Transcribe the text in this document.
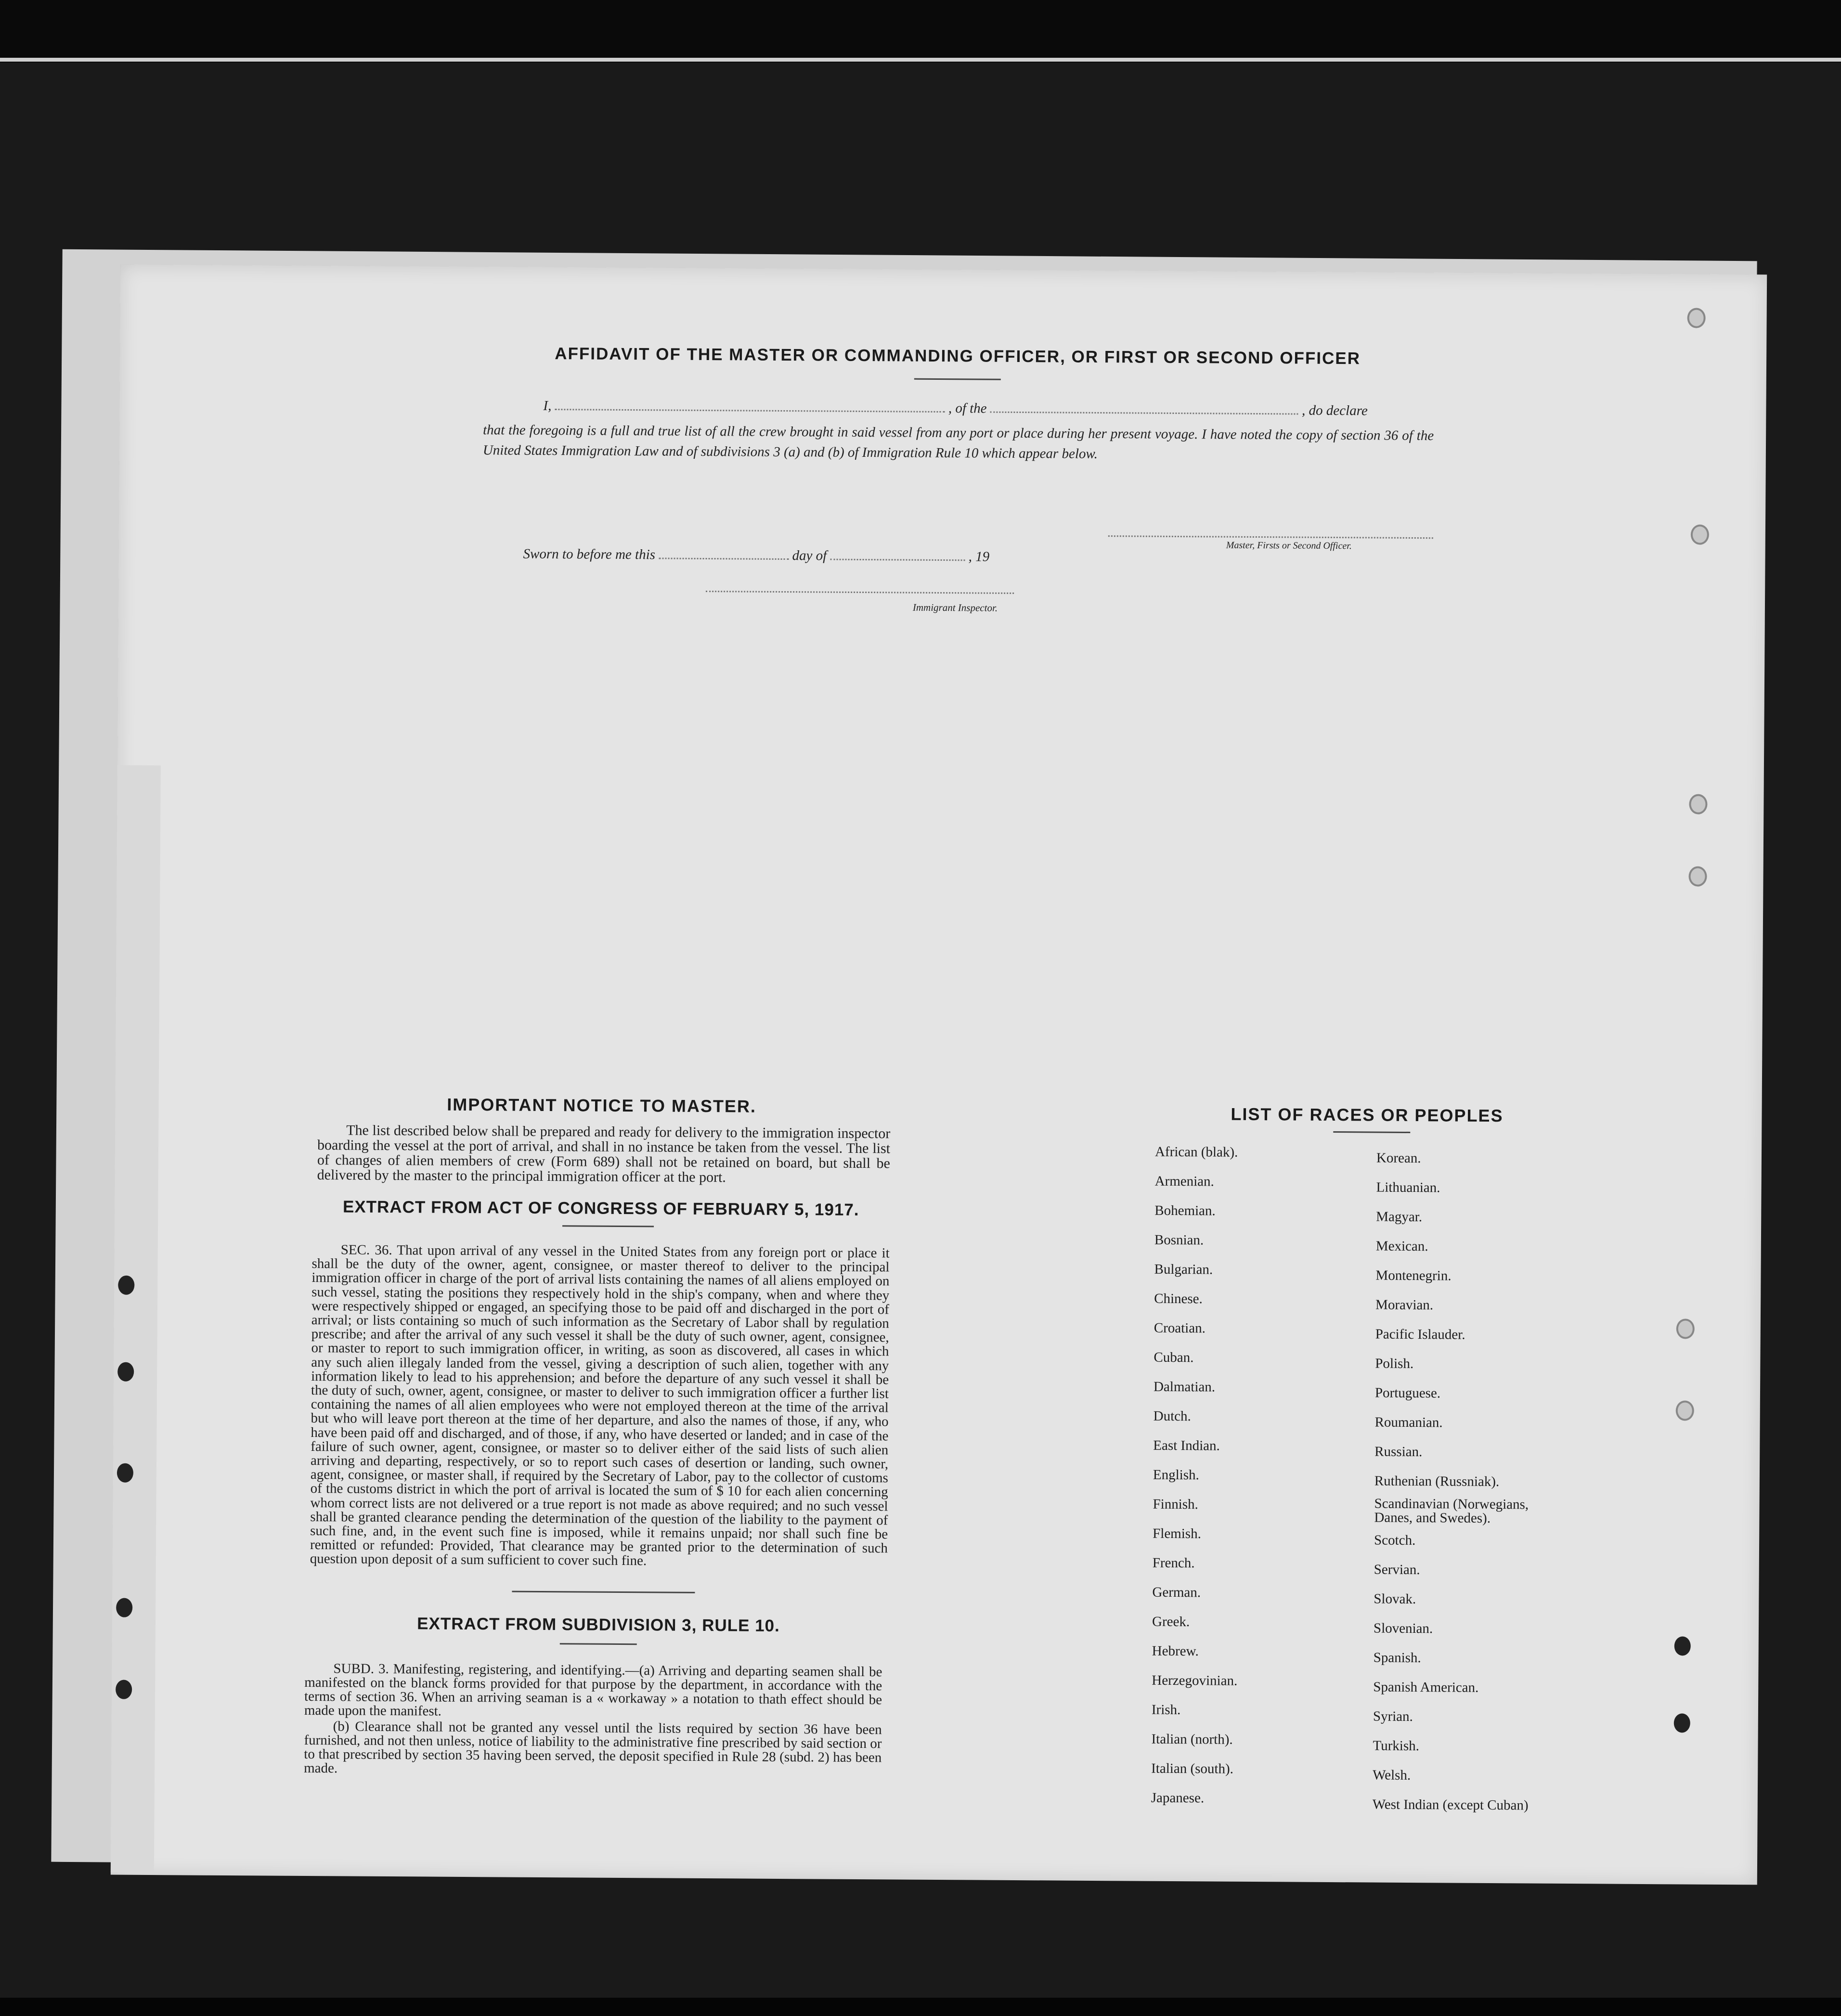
AFFIDAVIT OF THE MASTER OR COMMANDING OFFICER, OR FIRST OR SECOND OFFICER
I,	, of the	, do declare
that the foregoing is a full and true list of all the crew brought in said vessel from any port or place during her present voyage. I have noted the copy of section 36 of the United States Immigration Law and of subdivisions 3 (a) and (b) of Immigration Rule 10 which appear below.
Master, Firsts or Second Officer.
Sworn to before me this	day of	, 19
Immigrant Inspector.
IMPORTANT NOTICE TO MASTER.
The list described below shall be prepared and ready for delivery to the immigration inspector boarding the vessel at the port of arrival, and shall in no instance be taken from the vessel. The list of changes of alien members of crew (Form 689) shall not be retained on board, but shall be delivered by the master to the principal immigration officer at the port.
EXTRACT FROM ACT OF CONGRESS OF FEBRUARY 5, 1917.
SEC. 36. That upon arrival of any vessel in the United States from any foreign port or place it shall be the duty of the owner, agent, consignee, or master thereof to deliver to the principal immigration officer in charge of the port of arrival lists containing the names of all aliens employed on such vessel, stating the positions they respectively hold in the ship's company, when and where they were respectively shipped or engaged, an specifying those to be paid off and discharged in the port of arrival; or lists containing so much of such information as the Secretary of Labor shall by regulation prescribe; and after the arrival of any such vessel it shall be the duty of such owner, agent, consignee, or master to report to such immigration officer, in writing, as soon as discovered, all cases in which any such alien illegaly landed from the vessel, giving a description of such alien, together with any information likely to lead to his apprehension; and before the departure of any such vessel it shall be the duty of such, owner, agent, consignee, or master to deliver to such immigration officer a further list containing the names of all alien employees who were not employed thereon at the time of the arrival but who will leave port thereon at the time of her departure, and also the names of those, if any, who have been paid off and discharged, and of those, if any, who have deserted or landed; and in case of the failure of such owner, agent, consignee, or master so to deliver either of the said lists of such alien arriving and departing, respectively, or so to report such cases of desertion or landing, such owner, agent, consignee, or master shall, if required by the Secretary of Labor, pay to the collector of customs of the customs district in which the port of arrival is located the sum of $ 10 for each alien concerning whom correct lists are not delivered or a true report is not made as above required; and no such vessel shall be granted clearance pending the determination of the question of the liability to the payment of such fine, and, in the event such fine is imposed, while it remains unpaid; nor shall such fine be remitted or refunded: Provided, That clearance may be granted prior to the determination of such question upon deposit of a sum sufficient to cover such fine.
EXTRACT FROM SUBDIVISION 3, RULE 10.
SUBD. 3. Manifesting, registering, and identifying.—(a) Arriving and departing seamen shall be manifested on the blanck forms provided for that purpose by the department, in accordance with the terms of section 36. When an arriving seaman is a « workaway » a notation to thath effect should be made upon the manifest.
(b) Clearance shall not be granted any vessel until the lists required by section 36 have been furnished, and not then unless, notice of liability to the administrative fine prescribed by said section or to that prescribed by section 35 having been served, the deposit specified in Rule 28 (subd. 2) has been made.
LIST OF RACES OR PEOPLES
African (blak).
Armenian.
Bohemian.
Bosnian.
Bulgarian.
Chinese.
Croatian.
Cuban.
Dalmatian.
Dutch.
East Indian.
English.
Finnish.
Flemish.
French.
German.
Greek.
Hebrew.
Herzegovinian.
Irish.
Italian (north).
Italian (south).
Japanese.
Korean.
Lithuanian.
Magyar.
Mexican.
Montenegrin.
Moravian.
Pacific Islauder.
Polish.
Portuguese.
Roumanian.
Russian.
Ruthenian (Russniak).
Scandinavian (Norwegians, Danes, and Swedes).
Scotch.
Servian.
Slovak.
Slovenian.
Spanish.
Spanish American.
Syrian.
Turkish.
Welsh.
West Indian (except Cuban)
